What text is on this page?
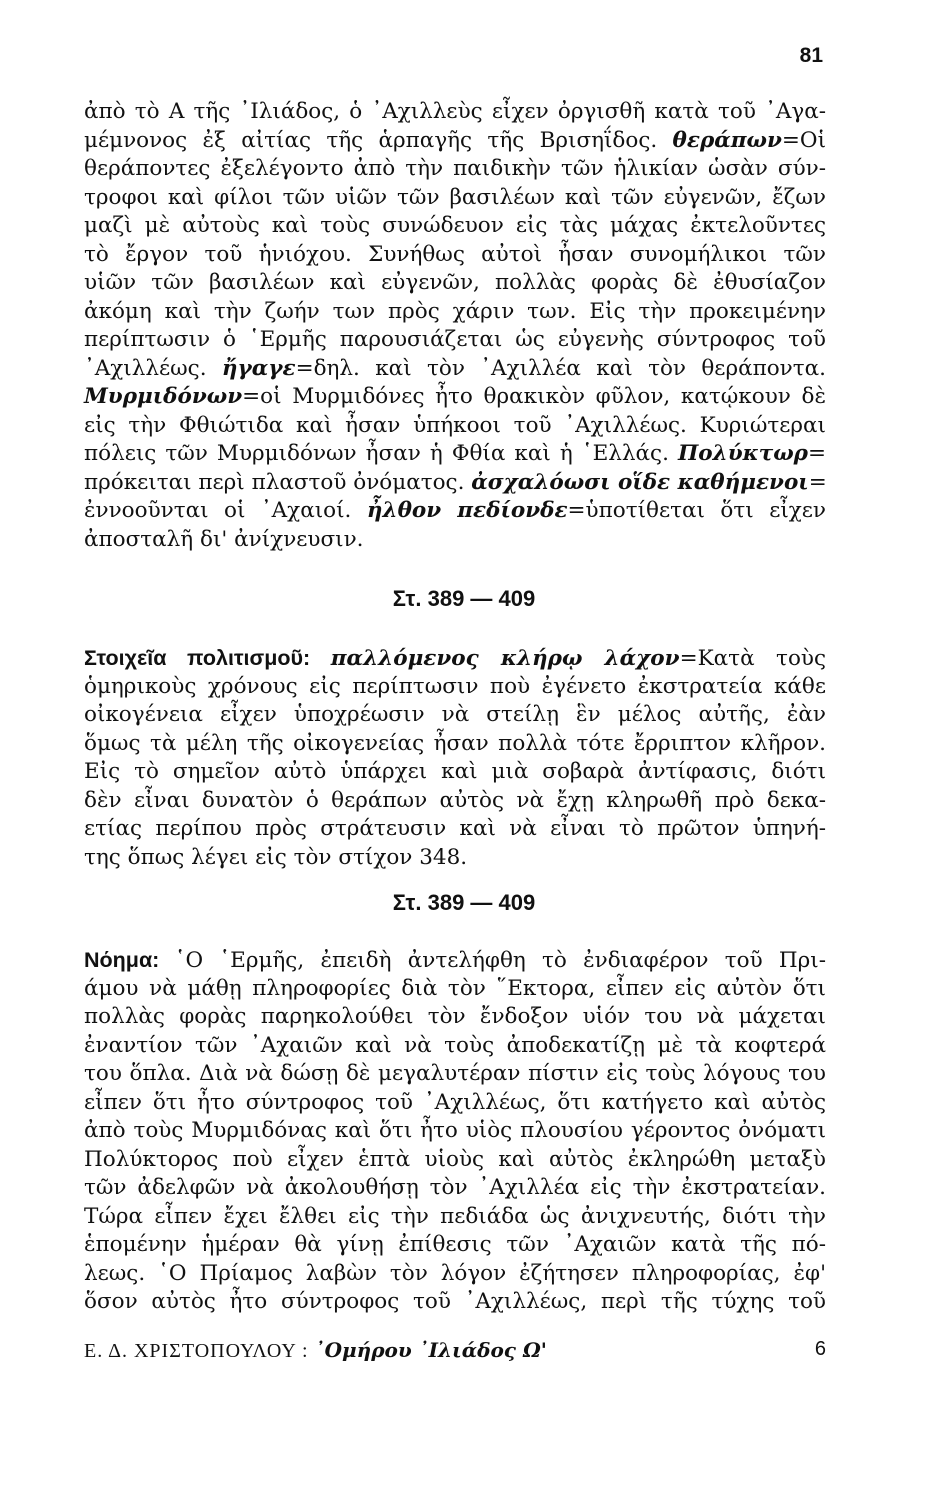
81
ἀπὸ τὸ Α τῆς ᾿Ιλιάδος, ὁ ᾿Αχιλλεὺς εἶχεν ὀργισθῆ κατὰ τοῦ ᾿Αγα-
μέμνονος ἐξ αἰτίας τῆς ἁρπαγῆς τῆς Βρισηΐδος. θεράπων=Οἱ
θεράποντες ἐξελέγοντο ἀπὸ τὴν παιδικὴν τῶν ἡλικίαν ὡσὰν σύν-
τροφοι καὶ φίλοι τῶν υἱῶν τῶν βασιλέων καὶ τῶν εὐγενῶν, ἔζων
μαζὶ μὲ αὐτοὺς καὶ τοὺς συνώδευον εἰς τὰς μάχας ἐκτελοῦντες
τὸ ἔργον τοῦ ἡνιόχου. Συνήθως αὐτοὶ ἦσαν συνομήλικοι τῶν
υἱῶν τῶν βασιλέων καὶ εὐγενῶν, πολλὰς φορὰς δὲ ἐθυσίαζον
ἀκόμη καὶ τὴν ζωήν των πρὸς χάριν των. Εἰς τὴν προκειμένην
περίπτωσιν ὁ ῾Ερμῆς παρουσιάζεται ὡς εὐγενὴς σύντροφος τοῦ
᾿Αχιλλέως. ἤγαγε=δηλ. καὶ τὸν ᾿Αχιλλέα καὶ τὸν θεράποντα.
Μυρμιδόνων=οἱ Μυρμιδόνες ἦτο θρακικὸν φῦλον, κατῴκουν δὲ
εἰς τὴν Φθιώτιδα καὶ ἦσαν ὑπήκοοι τοῦ ᾿Αχιλλέως. Κυριώτεραι
πόλεις τῶν Μυρμιδόνων ἦσαν ἡ Φθία καὶ ἡ ῾Ελλάς. Πολύκτωρ=
πρόκειται περὶ πλαστοῦ ὀνόματος. ἀσχαλόωσι οἵδε καθήμενοι=
ἐννοοῦνται οἱ ᾿Αχαιοί. ἦλθον πεδίονδε=ὑποτίθεται ὅτι εἶχεν
ἀποσταλῆ δι' ἀνίχνευσιν.
Στ. 389 — 409
Στοιχεῖα πολιτισμοῦ: παλλόμενος κλήρῳ λάχον=Κατὰ τοὺς
ὁμηρικοὺς χρόνους εἰς περίπτωσιν ποὺ ἐγένετο ἐκστρατεία κάθε
οἰκογένεια εἶχεν ὑποχρέωσιν νὰ στείλῃ ἓν μέλος αὐτῆς, ἐὰν
ὅμως τὰ μέλη τῆς οἰκογενείας ἦσαν πολλὰ τότε ἔρριπτον κλῆρον.
Εἰς τὸ σημεῖον αὐτὸ ὑπάρχει καὶ μιὰ σοβαρὰ ἀντίφασις, διότι
δὲν εἶναι δυνατὸν ὁ θεράπων αὐτὸς νὰ ἔχῃ κληρωθῆ πρὸ δεκα-
ετίας περίπου πρὸς στράτευσιν καὶ νὰ εἶναι τὸ πρῶτον ὑπηνή-
της ὅπως λέγει εἰς τὸν στίχον 348.
Στ. 389 — 409
Νόημα: ῾Ο ῾Ερμῆς, ἐπειδὴ ἀντελήφθη τὸ ἐνδιαφέρον τοῦ Πρι-
άμου νὰ μάθῃ πληροφορίες διὰ τὸν ῞Εκτορα, εἶπεν εἰς αὐτὸν ὅτι
πολλὰς φορὰς παρηκολούθει τὸν ἔνδοξον υἱόν του νὰ μάχεται
ἐναντίον τῶν ᾿Αχαιῶν καὶ νὰ τοὺς ἀποδεκατίζῃ μὲ τὰ κοφτερά
του ὅπλα. Διὰ νὰ δώσῃ δὲ μεγαλυτέραν πίστιν εἰς τοὺς λόγους του
εἶπεν ὅτι ἦτο σύντροφος τοῦ ᾿Αχιλλέως, ὅτι κατήγετο καὶ αὐτὸς
ἀπὸ τοὺς Μυρμιδόνας καὶ ὅτι ἦτο υἱὸς πλουσίου γέροντος ὀνόματι
Πολύκτορος ποὺ εἶχεν ἑπτὰ υἱοὺς καὶ αὐτὸς ἐκληρώθη μεταξὺ
τῶν ἀδελφῶν νὰ ἀκολουθήσῃ τὸν ᾿Αχιλλέα εἰς τὴν ἐκστρατείαν.
Τώρα εἶπεν ἔχει ἔλθει εἰς τὴν πεδιάδα ὡς ἀνιχνευτής, διότι τὴν
ἑπομένην ἡμέραν θὰ γίνῃ ἐπίθεσις τῶν ᾿Αχαιῶν κατὰ τῆς πό-
λεως. ῾Ο Πρίαμος λαβὼν τὸν λόγον ἐζήτησεν πληροφορίας, ἐφ'
ὅσον αὐτὸς ἦτο σύντροφος τοῦ ᾿Αχιλλέως, περὶ τῆς τύχης τοῦ
Ε. Δ. ΧΡΙΣΤΟΠΟΥΛΟΥ : ᾿Ομήρου ᾿Ιλιάδος Ω'	6
